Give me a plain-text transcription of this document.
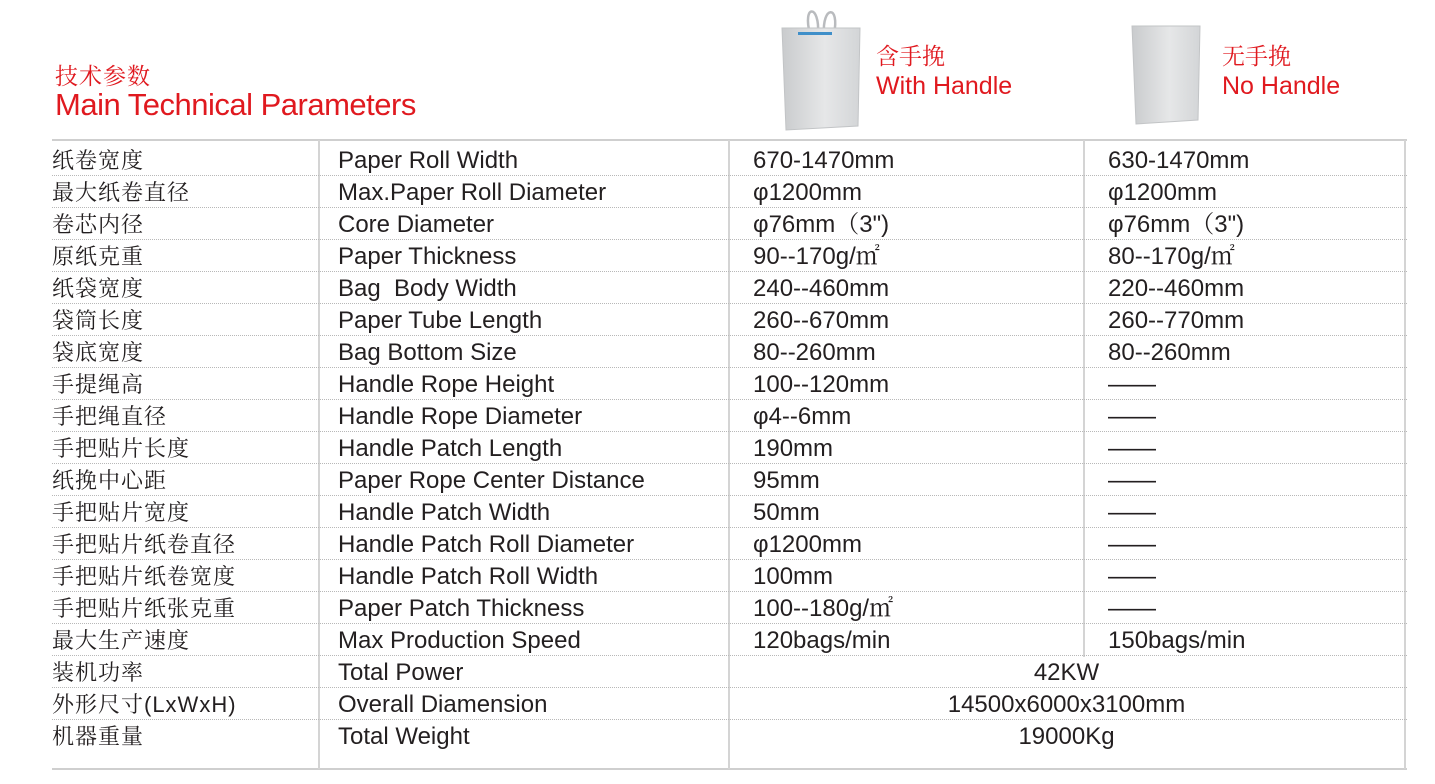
技术参数
Main Technical Parameters
含手挽
With Handle
无手挽
No Handle
纸卷宽度	Paper Roll Width	670-1470mm	630-1470mm
最大纸卷直径	Max.Paper Roll Diameter	φ1200mm	φ1200mm
卷芯内径	Core Diameter	φ76mm（3")	φ76mm（3")
原纸克重	Paper Thickness	90--170g/㎡	80--170g/㎡
纸袋宽度	Bag  Body Width	240--460mm	220--460mm
袋筒长度	Paper Tube Length	260--670mm	260--770mm
袋底宽度	Bag Bottom Size	80--260mm	80--260mm
手提绳高	Handle Rope Height	100--120mm	——
手把绳直径	Handle Rope Diameter	φ4--6mm	——
手把贴片长度	Handle Patch Length	190mm	——
纸挽中心距	Paper Rope Center Distance	95mm	——
手把贴片宽度	Handle Patch Width	50mm	——
手把贴片纸卷直径	Handle Patch Roll Diameter	φ1200mm	——
手把贴片纸卷宽度	Handle Patch Roll Width	100mm	——
手把贴片纸张克重	Paper Patch Thickness	100--180g/㎡	——
最大生产速度	Max Production Speed	120bags/min	150bags/min
装机功率	Total Power	42KW
外形尺寸(LxWxH)	Overall Diamension	14500x6000x3100mm
机器重量	Total Weight	19000Kg
